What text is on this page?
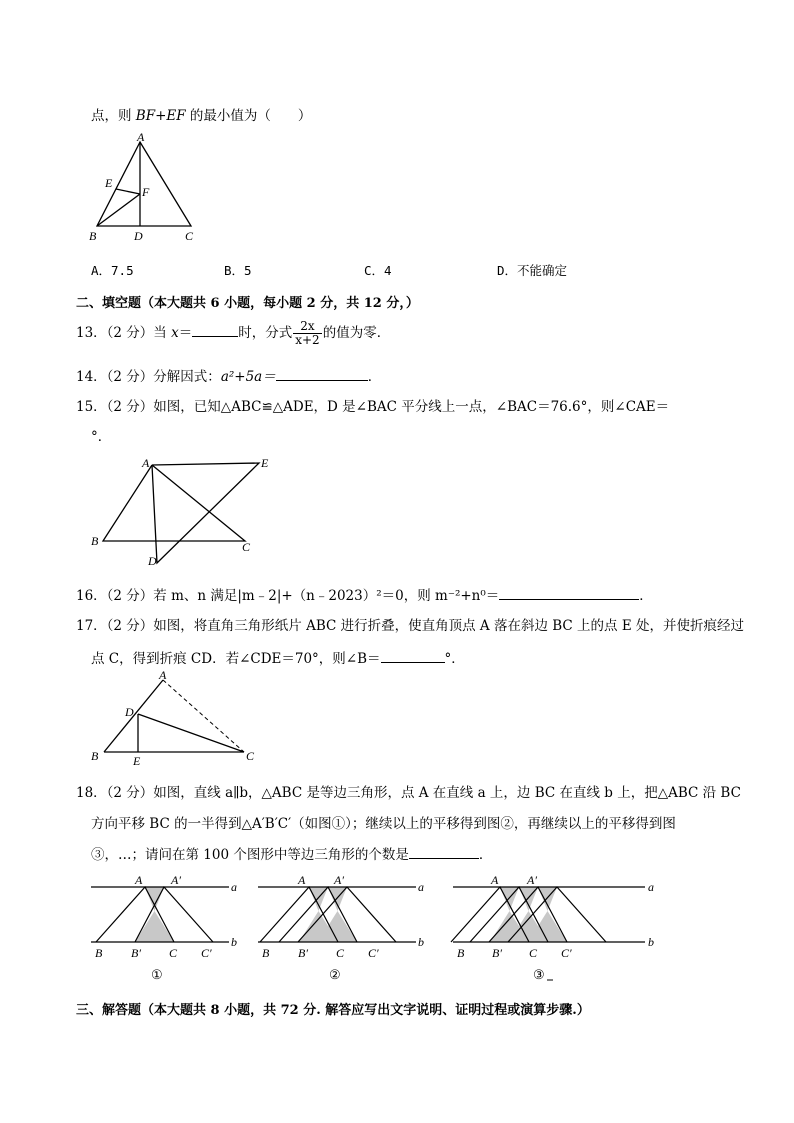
点，则 BF+EF 的最小值为（　　）
A
E
F
B	D	C
A．7.5	B．5	C．4	D．不能确定
二、填空题（本大题共 6 小题，每小题 2 分，共 12 分，）
13．（2 分）当 x＝	时，分式 $\frac{2x}{x+2}$ 的值为零．
14．（2 分）分解因式：a²+5a＝	．
15．（2 分）如图，已知△ABC≌△ADE，D 是∠BAC 平分线上一点，∠BAC＝76.6°，则∠CAE＝
°．
A	E
B
D
C
16．（2 分）若 m、n 满足|m﹣2|+（n﹣2023）²＝0，则 m⁻²+n⁰＝	．
17．（2 分）如图，将直角三角形纸片 ABC 进行折叠，使直角顶点 A 落在斜边 BC 上的点 E 处，并使折痕经过
点 C，得到折痕 CD．若∠CDE＝70°，则∠B＝	°．
A
D
B	E	C
18．（2 分）如图，直线 a∥b，△ABC 是等边三角形，点 A 在直线 a 上，边 BC 在直线 b 上，把△ABC 沿 BC
方向平移 BC 的一半得到△A′B′C′（如图①）；继续以上的平移得到图②，再继续以上的平移得到图
③，…；请问在第 100 个图形中等边三角形的个数是	．
A A′	a
b
B B′ C C′
①
A A′	a
b
B B′ C C′
②
A A′	a
b
B B′ C C′
③
三、解答题（本大题共 8 小题，共 72 分. 解答应写出文字说明、证明过程或演算步骤.）
